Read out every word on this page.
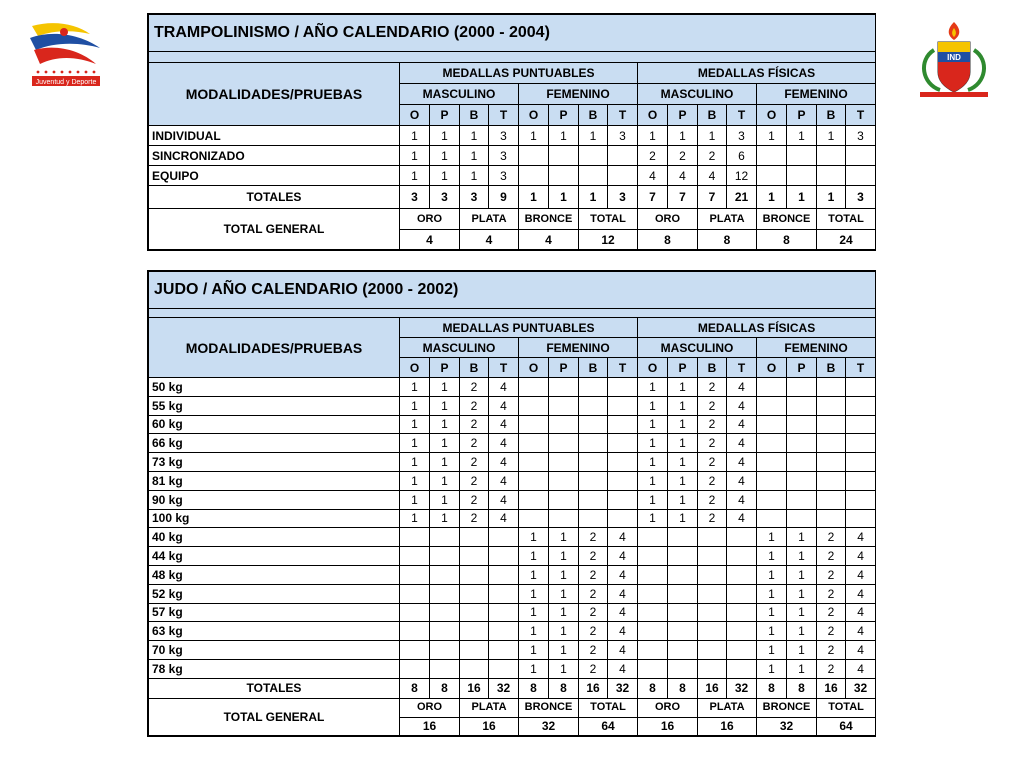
Juventud y Deporte
IND
TRAMPOLINISMO / AÑO CALENDARIO (2000 - 2004)																

MODALIDADES/PRUEBAS	MEDALLAS PUNTUABLES								MEDALLAS FÍSICAS							
	MASCULINO				FEMENINO				MASCULINO				FEMENINO			
	O	P	B	T	O	P	B	T	O	P	B	T	O	P	B	T
INDIVIDUAL	1	1	1	3	1	1	1	3	1	1	1	3	1	1	1	3
SINCRONIZADO	1	1	1	3					2	2	2	6				
EQUIPO	1	1	1	3					4	4	4	12				
TOTALES	3	3	3	9	1	1	1	3	7	7	7	21	1	1	1	3
TOTAL GENERAL	ORO		PLATA		BRONCE		TOTAL		ORO		PLATA		BRONCE		TOTAL	
	4		4		4		12		8		8		8		24	
JUDO / AÑO CALENDARIO (2000 - 2002)																

MODALIDADES/PRUEBAS	MEDALLAS PUNTUABLES								MEDALLAS FÍSICAS							
	MASCULINO				FEMENINO				MASCULINO				FEMENINO			
	O	P	B	T	O	P	B	T	O	P	B	T	O	P	B	T
50 kg	1	1	2	4					1	1	2	4				
55 kg	1	1	2	4					1	1	2	4				
60 kg	1	1	2	4					1	1	2	4				
66 kg	1	1	2	4					1	1	2	4				
73 kg	1	1	2	4					1	1	2	4				
81 kg	1	1	2	4					1	1	2	4				
90 kg	1	1	2	4					1	1	2	4				
100 kg	1	1	2	4					1	1	2	4				
40 kg					1	1	2	4					1	1	2	4
44 kg					1	1	2	4					1	1	2	4
48 kg					1	1	2	4					1	1	2	4
52 kg					1	1	2	4					1	1	2	4
57 kg					1	1	2	4					1	1	2	4
63 kg					1	1	2	4					1	1	2	4
70 kg					1	1	2	4					1	1	2	4
78 kg					1	1	2	4					1	1	2	4
TOTALES	8	8	16	32	8	8	16	32	8	8	16	32	8	8	16	32
TOTAL GENERAL	ORO		PLATA		BRONCE		TOTAL		ORO		PLATA		BRONCE		TOTAL	
	16		16		32		64		16		16		32		64	
